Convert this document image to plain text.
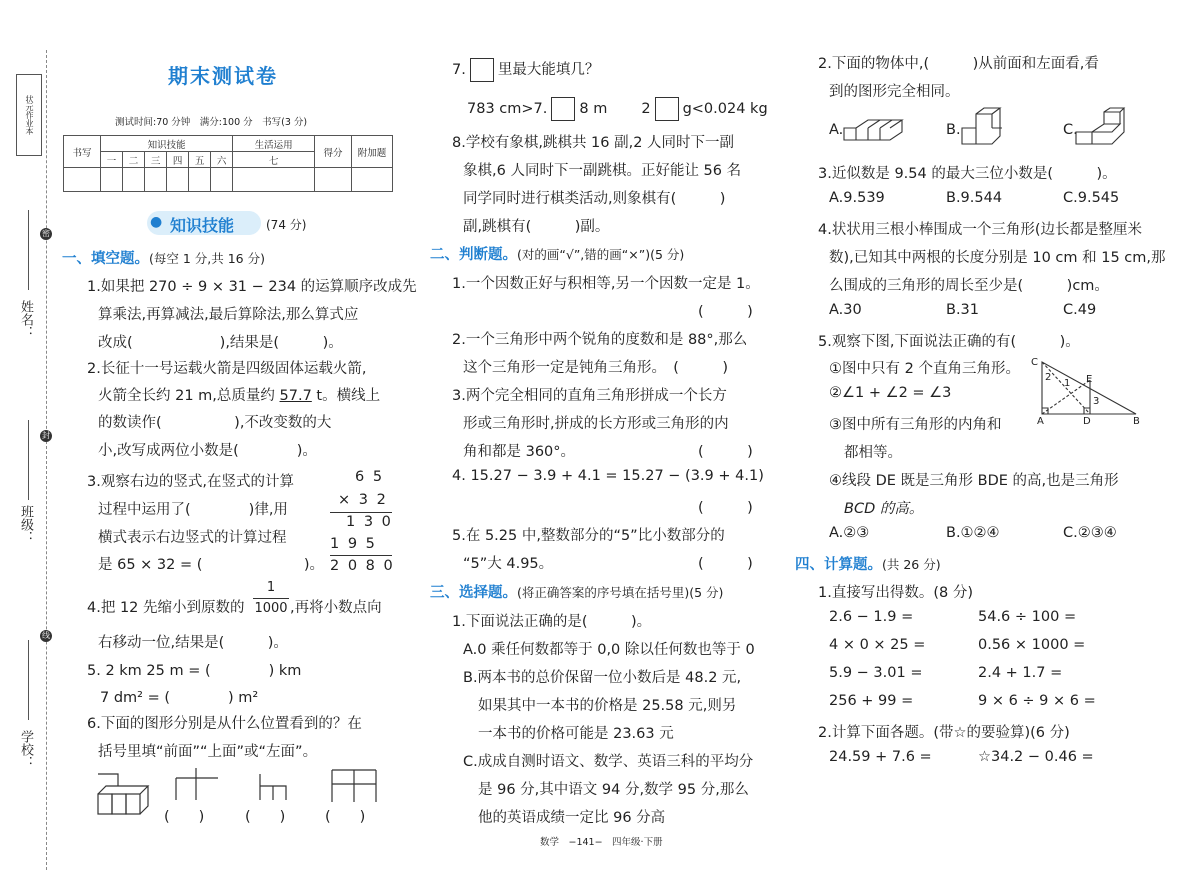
状元作业本
姓名：
班级：
学校：
密
封
线
期末测试卷
测试时间:70 分钟　满分:100 分　书写(3 分)
书写	知识技能						生活运用	得分	附加题
	一	二	三	四	五	六	七		

● 知识技能	(74 分)
一、填空题。(每空 1 分,共 16 分)
1.如果把 270 ÷ 9 × 31 − 234 的运算顺序改成先
算乘法,再算减法,最后算除法,那么算式应
改成(　　　　　　),结果是(　　　)。
2.长征十一号运载火箭是四级固体运载火箭,
火箭全长约 21 m,总质量约 57.7 t。横线上
的数读作(　　　　　),不改变数的大
小,改写成两位小数是(　　　　)。
3.观察右边的竖式,在竖式的计算
过程中运用了(　　　　)律,用
横式表示右边竖式的计算过程
是 65 × 32 = (　　　　　　　)。
6 5
× 3 2
1 3 0
1 9 5
2 0 8 0
4.把 12 先缩小到原数的
1
1000 ,再将小数点向
右移动一位,结果是(　　　)。
5. 2 km 25 m = (　　　　) km
7 dm² = (　　　　) m²
6.下面的图形分别是从什么位置看到的？在
括号里填“前面”“上面”或“左面”。
(　　)	(　　)	(　　)
7. 里最大能填几？
783 cm>7. 8 m 2 g<0.024 kg
8.学校有象棋,跳棋共 16 副,2 人同时下一副
象棋,6 人同时下一副跳棋。正好能让 56 名
同学同时进行棋类活动,则象棋有(　　　)
副,跳棋有(　　　)副。
二、判断题。(对的画“√”,错的画“×”)(5 分)
1.一个因数正好与积相等,另一个因数一定是 1。
(　　　)
2.一个三角形中两个锐角的度数和是 88°,那么
这个三角形一定是钝角三角形。　(　　　)
3.两个完全相同的直角三角形拼成一个长方
形或三角形时,拼成的长方形或三角形的内
角和都是 360°。	(　　　)
4. 15.27 − 3.9 + 4.1 = 15.27 − (3.9 + 4.1)
(　　　)
5.在 5.25 中,整数部分的“5”比小数部分的
“5”大 4.95。	(　　　)
三、选择题。(将正确答案的序号填在括号里)(5 分)
1.下面说法正确的是(　　　)。
A.0 乘任何数都等于 0,0 除以任何数也等于 0
B.两本书的总价保留一位小数后是 48.2 元,
如果其中一本书的价格是 25.58 元,则另
一本书的价格可能是 23.63 元
C.成成自测时语文、数学、英语三科的平均分
是 96 分,其中语文 94 分,数学 95 分,那么
他的英语成绩一定比 96 分高
数学　−141−　四年级·下册
2.下面的物体中,(　　　)从前面和左面看,看
到的图形完全相同。
A.	B.	C.
3.近似数是 9.54 的最大三位小数是(　　　)。
A.9.539	B.9.544	C.9.545
4.状状用三根小棒围成一个三角形(边长都是整厘米
数),已知其中两根的长度分别是 10 cm 和 15 cm,那
么围成的三角形的周长至少是(　　　)cm。
A.30	B.31	C.49
5.观察下图,下面说法正确的有(　　　)。
①图中只有 2 个直角三角形。
②∠1 + ∠2 = ∠3
③图中所有三角形的内角和
都相等。
④线段 DE 既是三角形 BDE 的高,也是三角形
BCD 的高。
A.②③	B.①②④	C.②③④
C
E
A	D	B
1
2
3
四、计算题。(共 26 分)
1.直接写出得数。(8 分)
2.6 − 1.9 =	54.6 ÷ 100 =
4 × 0 × 25 =	0.56 × 1000 =
5.9 − 3.01 =	2.4 + 1.7 =
256 + 99 =	9 × 6 ÷ 9 × 6 =
2.计算下面各题。(带☆的要验算)(6 分)
24.59 + 7.6 =	☆34.2 − 0.46 =
